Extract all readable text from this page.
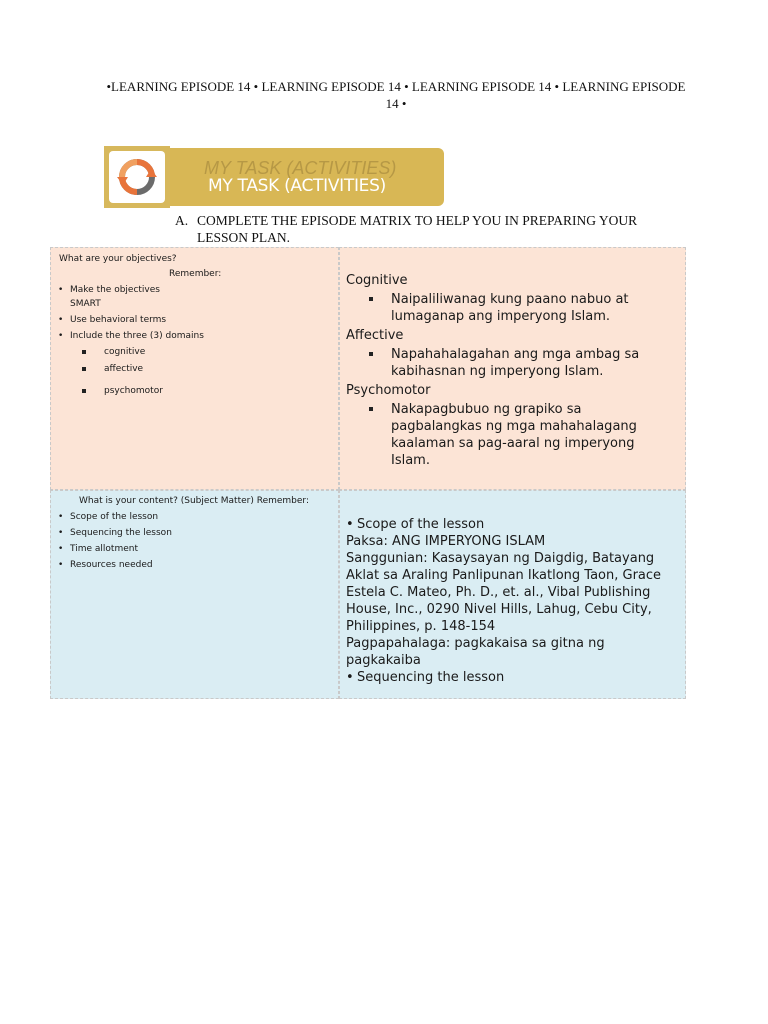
•LEARNING EPISODE 14 • LEARNING EPISODE 14 • LEARNING EPISODE 14 • LEARNING EPISODE 14 •
MY TASK (ACTIVITIES)
MY TASK (ACTIVITIES)
A. COMPLETE THE EPISODE MATRIX TO HELP YOU IN PREPARING YOUR LESSON PLAN.
What are your objectives?
Remember:
• Make the objectives SMART
• Use behavioral terms
• Include the three (3) domains
cognitive
affective
psychomotor

Cognitive

Naipaliliwanag kung paano nabuo at lumaganap ang imperyong Islam.

Affective

Napahahalagahan ang mga ambag sa kabihasnan ng imperyong Islam.

Psychomotor

Nakapagbubuo ng grapiko sa pagbalangkas ng mga mahahalagang kaalaman sa pag-aaral ng imperyong Islam.
What is your content? (Subject Matter) Remember:
• Scope of the lesson
• Sequencing the lesson
• Time allotment
• Resources needed

• Scope of the lesson

Paksa: ANG IMPERYONG ISLAM

Sanggunian: Kasaysayan ng Daigdig, Batayang Aklat sa Araling Panlipunan Ikatlong Taon, Grace Estela C. Mateo, Ph. D., et. al., Vibal Publishing House, Inc., 0290 Nivel Hills, Lahug, Cebu City, Philippines, p. 148-154

Pagpapahalaga: pagkakaisa sa gitna ng pagkakaiba

• Sequencing the lesson
